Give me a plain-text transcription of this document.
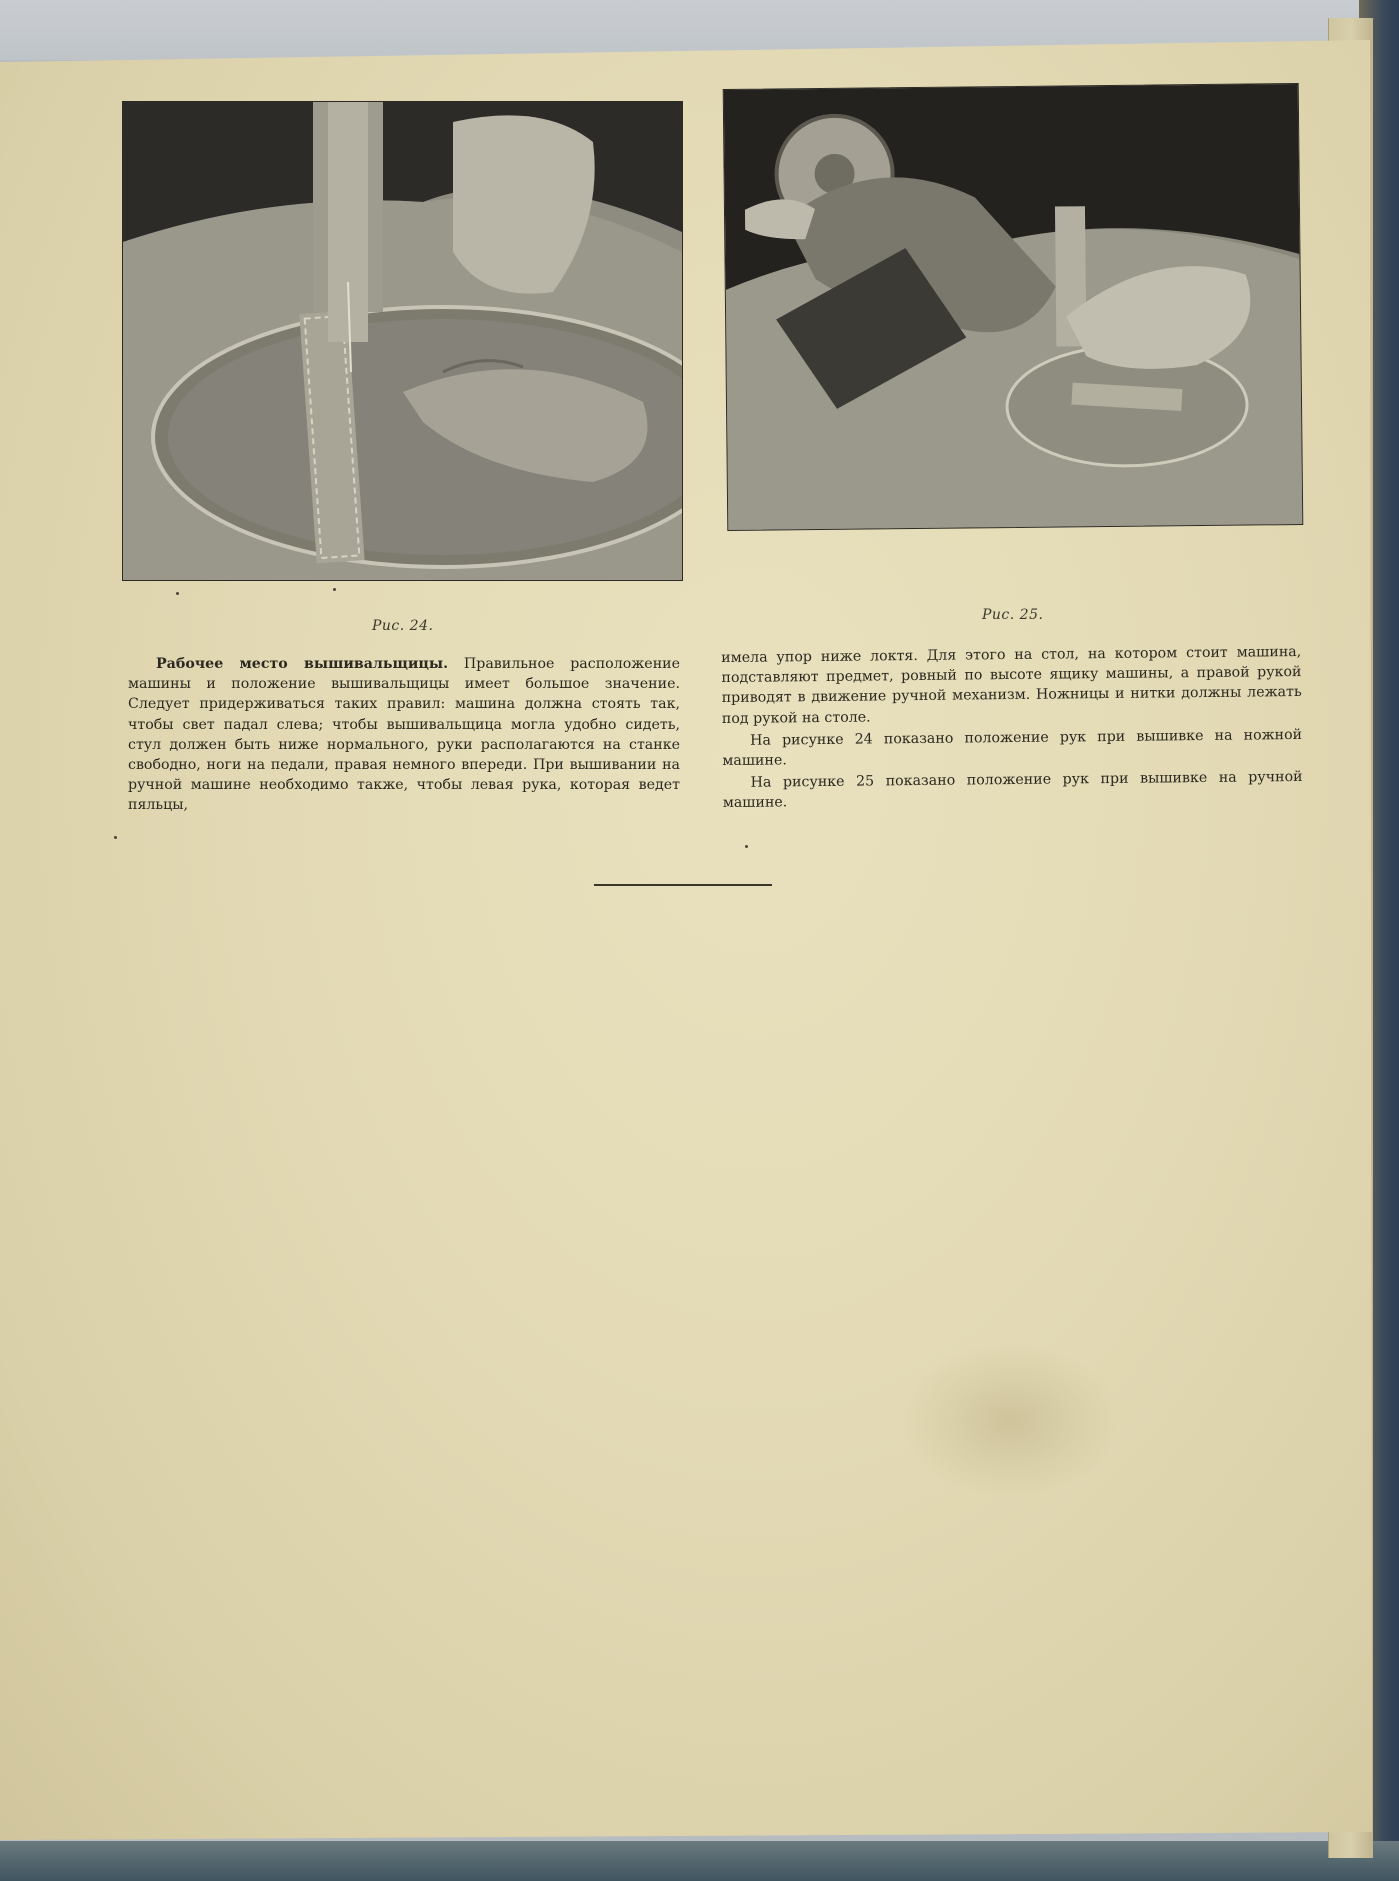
Рис. 24.
Рис. 25.

Рабочее место вышивальщицы. Правильное расположение машины и положение вышивальщицы имеет большое значение. Следует придерживаться таких правил: машина должна стоять так, чтобы свет падал слева; чтобы вышивальщица могла удобно сидеть, стул должен быть ниже нормального, руки располагаются на станке свободно, ноги на педали, правая немного впереди. При вышивании на ручной машине необходимо также, чтобы левая рука, которая ведет пяльцы,

имела упор ниже локтя. Для этого на стол, на котором стоит машина, подставляют предмет, ровный по высоте ящику машины, а правой рукой приводят в движение ручной механизм. Ножницы и нитки должны лежать под рукой на столе.

На рисунке 24 показано положение рук при вышивке на ножной машине.

На рисунке 25 показано положение рук при вышивке на ручной машине.
